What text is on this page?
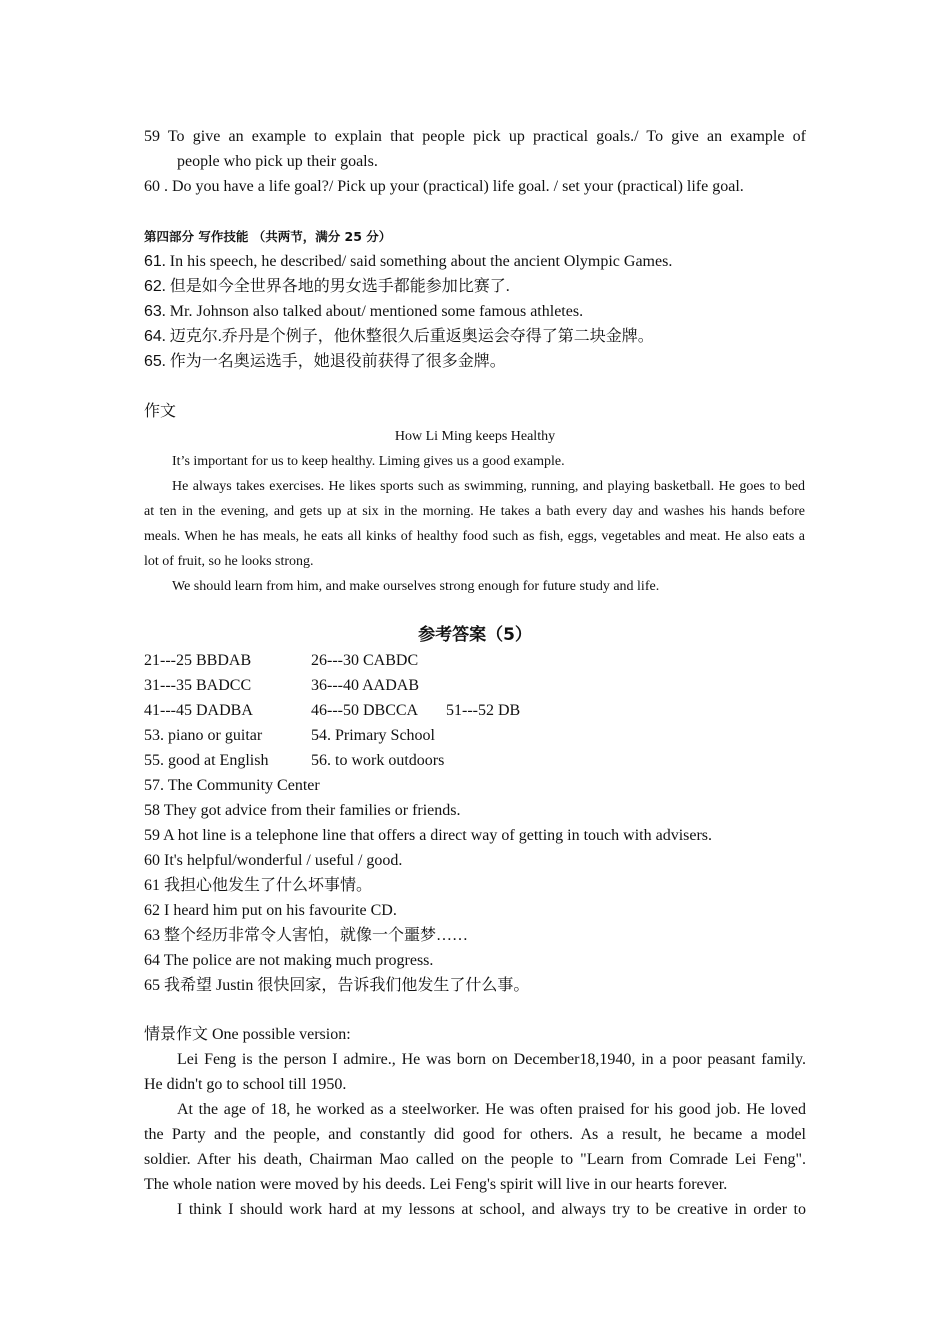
59 To give an example to explain that people pick up practical goals./ To give an example of
people who pick up their goals.
60 . Do you have a life goal?/ Pick up your (practical) life goal. / set your (practical) life goal.
第四部分 写作技能 （共两节，满分 25 分）
61. In his speech, he described/ said something about the ancient Olympic Games.
62. 但是如今全世界各地的男女选手都能参加比赛了.
63. Mr. Johnson also talked about/ mentioned some famous athletes.
64. 迈克尔.乔丹是个例子，他休整很久后重返奥运会夺得了第二块金牌。
65. 作为一名奥运选手，她退役前获得了很多金牌。
作文
How Li Ming keeps Healthy
It’s important for us to keep healthy. Liming gives us a good example.
He always takes exercises. He likes sports such as swimming, running, and playing basketball. He goes to bed
at ten in the evening, and gets up at six in the morning. He takes a bath every day and washes his hands before
meals. When he has meals, he eats all kinks of healthy food such as fish, eggs, vegetables and meat. He also eats a
lot of fruit, so he looks strong.
We should learn from him, and make ourselves strong enough for future study and life.
参考答案（5）
21---25 BBDAB	26---30 CABDC
31---35 BADCC	36---40 AADAB
41---45 DADBA	46---50 DBCCA 51---52 DB
53. piano or guitar	54. Primary School
55. good at English	56. to work outdoors
57. The Community Center
58 They got advice from their families or friends.
59 A hot line is a telephone line that offers a direct way of getting in touch with advisers.
60 It's helpful/wonderful / useful / good.
61 我担心他发生了什么坏事情。
62 I heard him put on his favourite CD.
63 整个经历非常令人害怕，就像一个噩梦……
64 The police are not making much progress.
65 我希望 Justin 很快回家，告诉我们他发生了什么事。
情景作文 One possible version:
Lei Feng is the person I admire., He was born on December18,1940, in a poor peasant family.
He didn't go to school till 1950.
At the age of 18, he worked as a steelworker. He was often praised for his good job. He loved
the Party and the people, and constantly did good for others. As a result, he became a model
soldier. After his death, Chairman Mao called on the people to "Learn from Comrade Lei Feng".
The whole nation were moved by his deeds. Lei Feng's spirit will live in our hearts forever.
I think I should work hard at my lessons at school, and always try to be creative in order to
